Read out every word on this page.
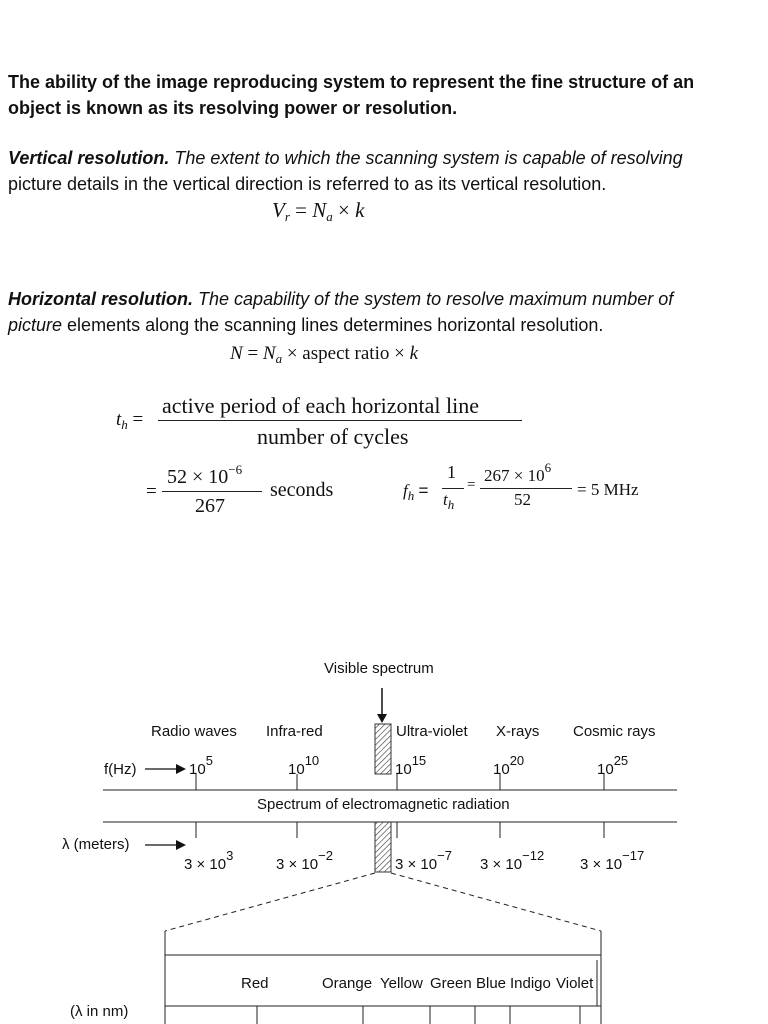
The ability of the image reproducing system to represent the fine structure of an object is known as its resolving power or resolution.
Vertical resolution. The extent to which the scanning system is capable of resolving
picture details in the vertical direction is referred to as its vertical resolution.
$V_r = N_a \times k$
Horizontal resolution. The capability of the system to resolve maximum number of
picture elements along the scanning lines determines horizontal resolution.
$N = N_a$ × aspect ratio × k
$t_h$ =
active period of each horizontal line
number of cycles
=
$52 \times 10^{-6}$
267
seconds	$f_h$ =
1
$t_h$
= $267 \times 10^6$
52
= 5 MHz
Visible spectrum
Radio waves Infra-red	Ultra-violet X-rays Cosmic rays
f(Hz)	$10^5$
$10^{10}$
$10^{15}$
$10^{20}$
$10^{25}$
Spectrum of electromagnetic radiation
λ (meters)
$3 \times 10^3$
$3 \times 10^{-2}$
$3 \times 10^{-7}$
$3 \times 10^{-12}$
$3 \times 10^{-17}$
Red	Orange Yellow Green Blue Indigo Violet
(λ in nm)
